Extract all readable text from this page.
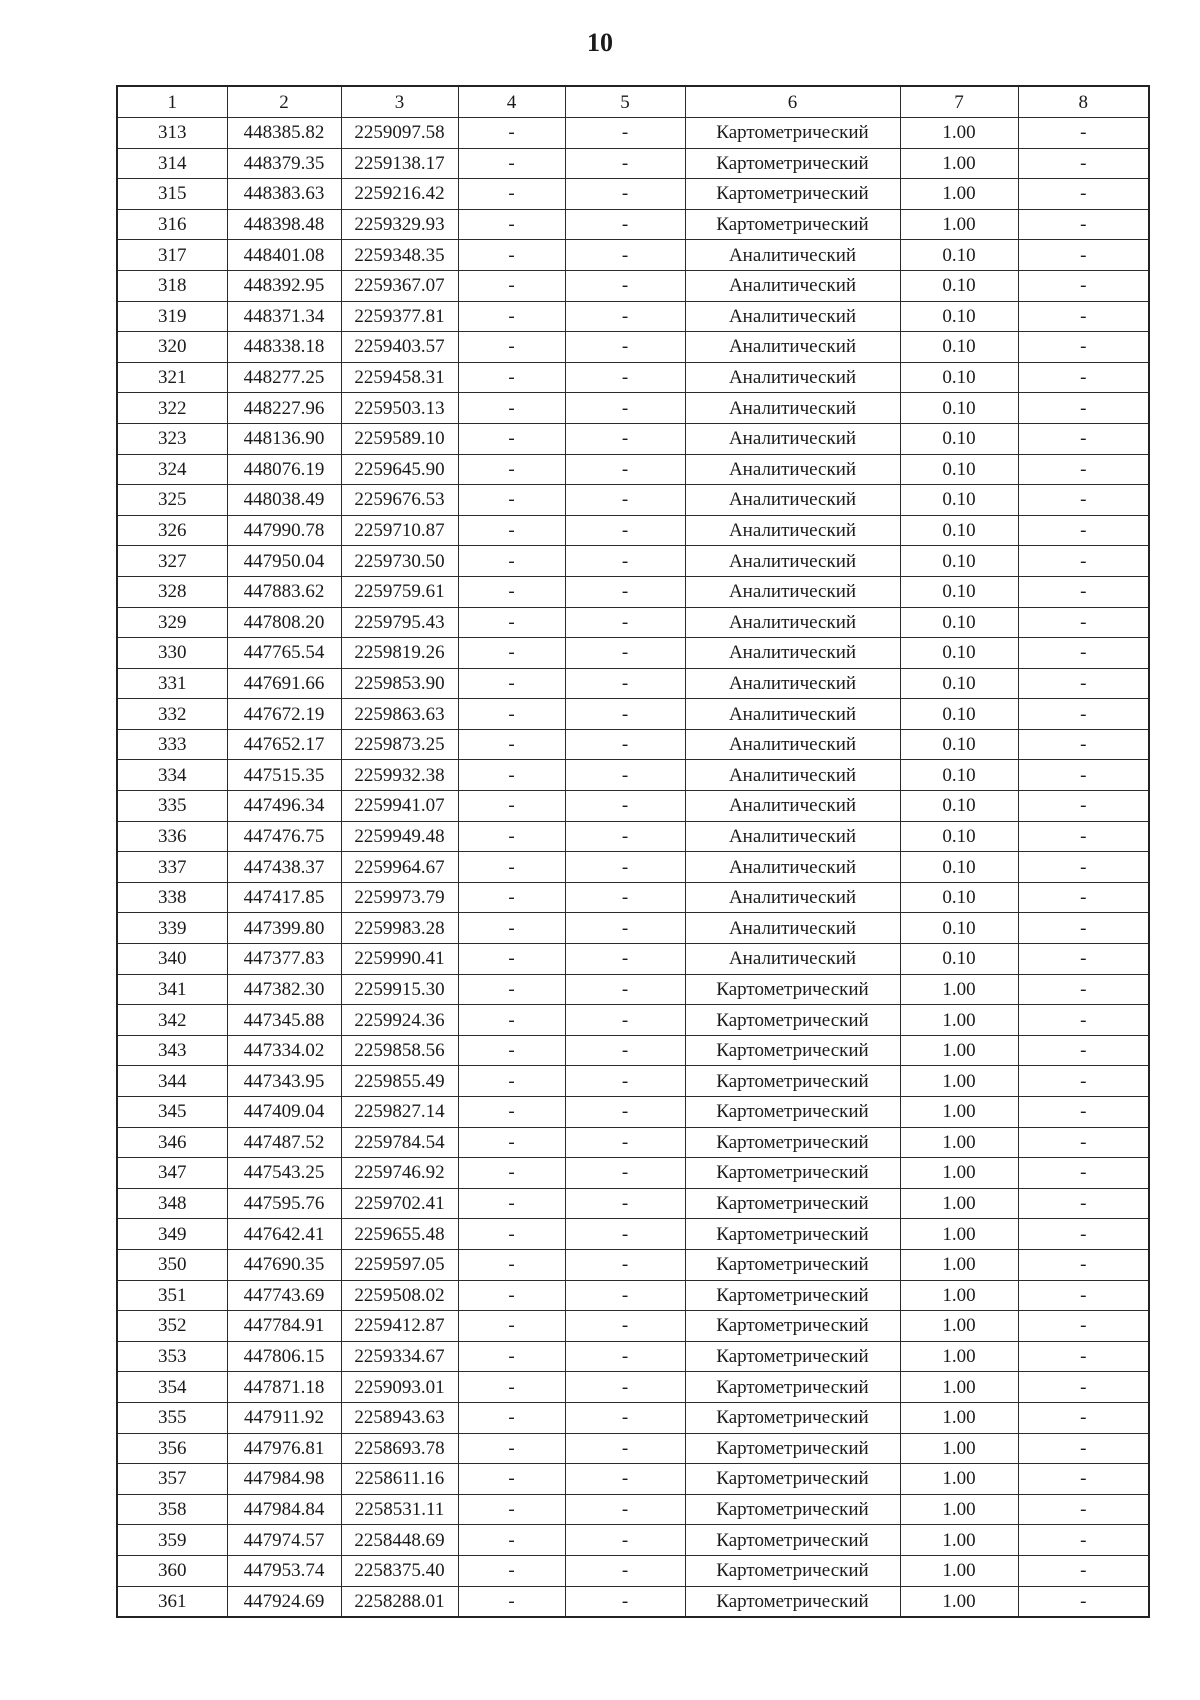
10
1	2	3	4	5	6	7	8
313	448385.82	2259097.58	-	-	Картометрический	1.00	-
314	448379.35	2259138.17	-	-	Картометрический	1.00	-
315	448383.63	2259216.42	-	-	Картометрический	1.00	-
316	448398.48	2259329.93	-	-	Картометрический	1.00	-
317	448401.08	2259348.35	-	-	Аналитический	0.10	-
318	448392.95	2259367.07	-	-	Аналитический	0.10	-
319	448371.34	2259377.81	-	-	Аналитический	0.10	-
320	448338.18	2259403.57	-	-	Аналитический	0.10	-
321	448277.25	2259458.31	-	-	Аналитический	0.10	-
322	448227.96	2259503.13	-	-	Аналитический	0.10	-
323	448136.90	2259589.10	-	-	Аналитический	0.10	-
324	448076.19	2259645.90	-	-	Аналитический	0.10	-
325	448038.49	2259676.53	-	-	Аналитический	0.10	-
326	447990.78	2259710.87	-	-	Аналитический	0.10	-
327	447950.04	2259730.50	-	-	Аналитический	0.10	-
328	447883.62	2259759.61	-	-	Аналитический	0.10	-
329	447808.20	2259795.43	-	-	Аналитический	0.10	-
330	447765.54	2259819.26	-	-	Аналитический	0.10	-
331	447691.66	2259853.90	-	-	Аналитический	0.10	-
332	447672.19	2259863.63	-	-	Аналитический	0.10	-
333	447652.17	2259873.25	-	-	Аналитический	0.10	-
334	447515.35	2259932.38	-	-	Аналитический	0.10	-
335	447496.34	2259941.07	-	-	Аналитический	0.10	-
336	447476.75	2259949.48	-	-	Аналитический	0.10	-
337	447438.37	2259964.67	-	-	Аналитический	0.10	-
338	447417.85	2259973.79	-	-	Аналитический	0.10	-
339	447399.80	2259983.28	-	-	Аналитический	0.10	-
340	447377.83	2259990.41	-	-	Аналитический	0.10	-
341	447382.30	2259915.30	-	-	Картометрический	1.00	-
342	447345.88	2259924.36	-	-	Картометрический	1.00	-
343	447334.02	2259858.56	-	-	Картометрический	1.00	-
344	447343.95	2259855.49	-	-	Картометрический	1.00	-
345	447409.04	2259827.14	-	-	Картометрический	1.00	-
346	447487.52	2259784.54	-	-	Картометрический	1.00	-
347	447543.25	2259746.92	-	-	Картометрический	1.00	-
348	447595.76	2259702.41	-	-	Картометрический	1.00	-
349	447642.41	2259655.48	-	-	Картометрический	1.00	-
350	447690.35	2259597.05	-	-	Картометрический	1.00	-
351	447743.69	2259508.02	-	-	Картометрический	1.00	-
352	447784.91	2259412.87	-	-	Картометрический	1.00	-
353	447806.15	2259334.67	-	-	Картометрический	1.00	-
354	447871.18	2259093.01	-	-	Картометрический	1.00	-
355	447911.92	2258943.63	-	-	Картометрический	1.00	-
356	447976.81	2258693.78	-	-	Картометрический	1.00	-
357	447984.98	2258611.16	-	-	Картометрический	1.00	-
358	447984.84	2258531.11	-	-	Картометрический	1.00	-
359	447974.57	2258448.69	-	-	Картометрический	1.00	-
360	447953.74	2258375.40	-	-	Картометрический	1.00	-
361	447924.69	2258288.01	-	-	Картометрический	1.00	-
